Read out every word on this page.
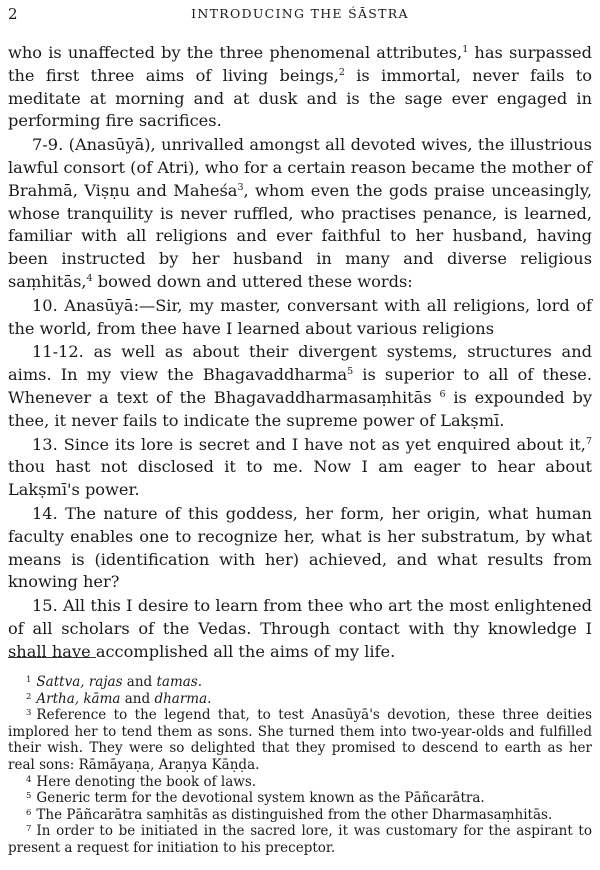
2	INTRODUCING THE ŚĀSTRA

who is unaffected by the three phenomenal attributes,$^1$ has surpassed the first three aims of living beings,$^2$ is immortal, never fails to meditate at morning and at dusk and is the sage ever engaged in performing fire sacrifices.

7-9. (Anasūyā), unrivalled amongst all devoted wives, the illustrious lawful consort (of Atri), who for a certain reason became the mother of Brahmā, Viṣṇu and Maheśa$^3$, whom even the gods praise unceasingly, whose tranquility is never ruffled, who practises penance, is learned, familiar with all religions and ever faithful to her husband, having been instructed by her husband in many and diverse religious saṃhitās,$^4$ bowed down and uttered these words:

10. Anasūyā:—Sir, my master, conversant with all religions, lord of the world, from thee have I learned about various religions

11-12. as well as about their divergent systems, structures and aims. In my view the Bhagavaddharma$^5$ is superior to all of these. Whenever a text of the Bhagavaddharmasaṃhitās $^6$ is expounded by thee, it never fails to indicate the supreme power of Lakṣmī.

13. Since its lore is secret and I have not as yet enquired about it,$^7$ thou hast not disclosed it to me. Now I am eager to hear about Lakṣmī's power.

14. The nature of this goddess, her form, her origin, what human faculty enables one to recognize her, what is her substratum, by what means is (identification with her) achieved, and what results from knowing her?

15. All this I desire to learn from thee who art the most enlightened of all scholars of the Vedas. Through contact with thy knowledge I shall have accomplished all the aims of my life.

$^1$ Sattva, rajas and tamas.

$^2$ Artha, kāma and dharma.

$^3$ Reference to the legend that, to test Anasūyā's devotion, these three deities implored her to tend them as sons. She turned them into two-year-olds and fulfilled their wish. They were so delighted that they promised to descend to earth as her real sons: Rāmāyaṇa, Araṇya Kāṇḍa.

$^4$ Here denoting the book of laws.

$^5$ Generic term for the devotional system known as the Pāñcarātra.

$^6$ The Pāñcarātra saṃhitās as distinguished from the other Dharmasaṃhitās.

$^7$ In order to be initiated in the sacred lore, it was customary for the aspirant to present a request for initiation to his preceptor.
